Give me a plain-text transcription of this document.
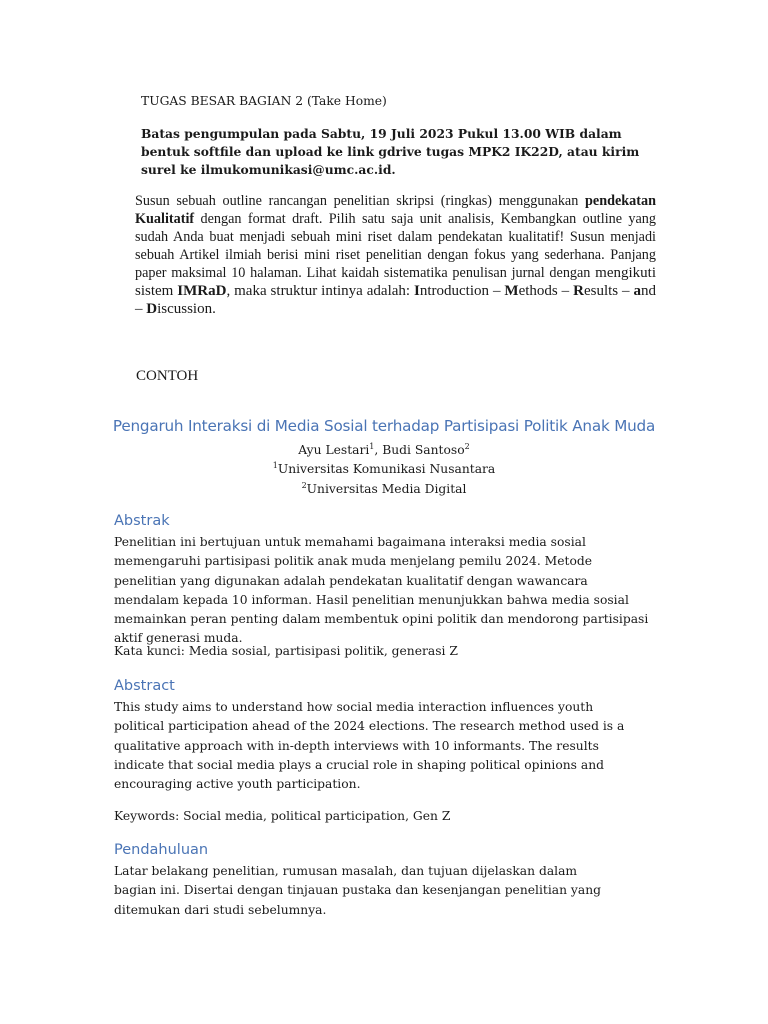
TUGAS BESAR BAGIAN 2 (Take Home)
Batas pengumpulan pada Sabtu, 19 Juli 2023 Pukul 13.00 WIB dalam bentuk softfile dan upload ke link gdrive tugas MPK2 IK22D, atau kirim surel ke ilmukomunikasi@umc.ac.id.
Susun sebuah outline rancangan penelitian skripsi (ringkas) menggunakan pendekatan Kualitatif dengan format draft. Pilih satu saja unit analisis, Kembangkan outline yang sudah Anda buat menjadi sebuah mini riset dalam pendekatan kualitatif! Susun menjadi sebuah Artikel ilmiah berisi mini riset penelitian dengan fokus yang sederhana. Panjang paper maksimal 10 halaman. Lihat kaidah sistematika penulisan jurnal dengan mengikuti sistem IMRaD, maka struktur intinya adalah: Introduction – Methods – Results – and – Discussion.
CONTOH
Pengaruh Interaksi di Media Sosial terhadap Partisipasi Politik Anak Muda
Ayu Lestari$^1$, Budi Santoso$^2$
$^1$Universitas Komunikasi Nusantara
$^2$Universitas Media Digital
Abstrak
Penelitian ini bertujuan untuk memahami bagaimana interaksi media sosial memengaruhi partisipasi politik anak muda menjelang pemilu 2024. Metode penelitian yang digunakan adalah pendekatan kualitatif dengan wawancara mendalam kepada 10 informan. Hasil penelitian menunjukkan bahwa media sosial memainkan peran penting dalam membentuk opini politik dan mendorong partisipasi aktif generasi muda.
Kata kunci: Media sosial, partisipasi politik, generasi Z
Abstract
This study aims to understand how social media interaction influences youth political participation ahead of the 2024 elections. The research method used is a qualitative approach with in-depth interviews with 10 informants. The results indicate that social media plays a crucial role in shaping political opinions and encouraging active youth participation.
Keywords: Social media, political participation, Gen Z
Pendahuluan
Latar belakang penelitian, rumusan masalah, dan tujuan dijelaskan dalam bagian ini. Disertai dengan tinjauan pustaka dan kesenjangan penelitian yang ditemukan dari studi sebelumnya.
